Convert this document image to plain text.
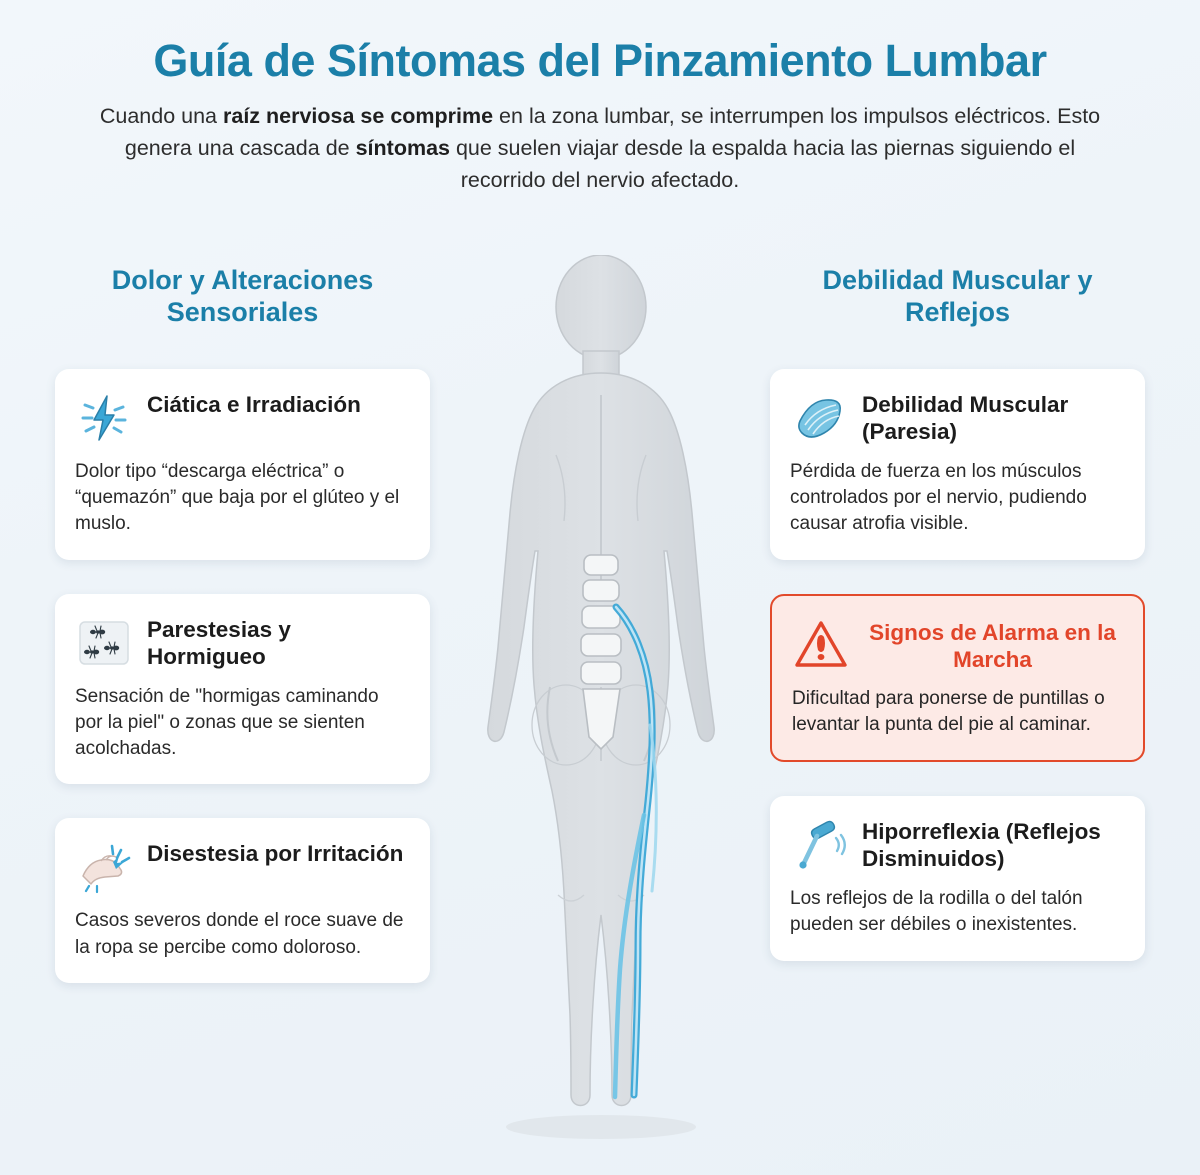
Guía de Síntomas del Pinzamiento Lumbar

Cuando una raíz nerviosa se comprime en la zona lumbar, se interrumpen los impulsos eléctricos. Esto genera una cascada de síntomas que suelen viajar desde la espalda hacia las piernas siguiendo el recorrido del nervio afectado.

Dolor y Alteraciones Sensoriales
Ciática e Irradiación
Dolor tipo “descarga eléctrica” o “quemazón” que baja por el glúteo y el muslo.
Parestesias y Hormigueo
Sensación de "hormigas caminando por la piel" o zonas que se sienten acolchadas.
Disestesia por Irritación
Casos severos donde el roce suave de la ropa se percibe como doloroso.
Debilidad Muscular y Reflejos
Debilidad Muscular (Paresia)
Pérdida de fuerza en los músculos controlados por el nervio, pudiendo causar atrofia visible.
Signos de Alarma en la Marcha
Dificultad para ponerse de puntillas o levantar la punta del pie al caminar.
Hiporreflexia (Reflejos Disminuidos)
Los reflejos de la rodilla o del talón pueden ser débiles o inexistentes.
